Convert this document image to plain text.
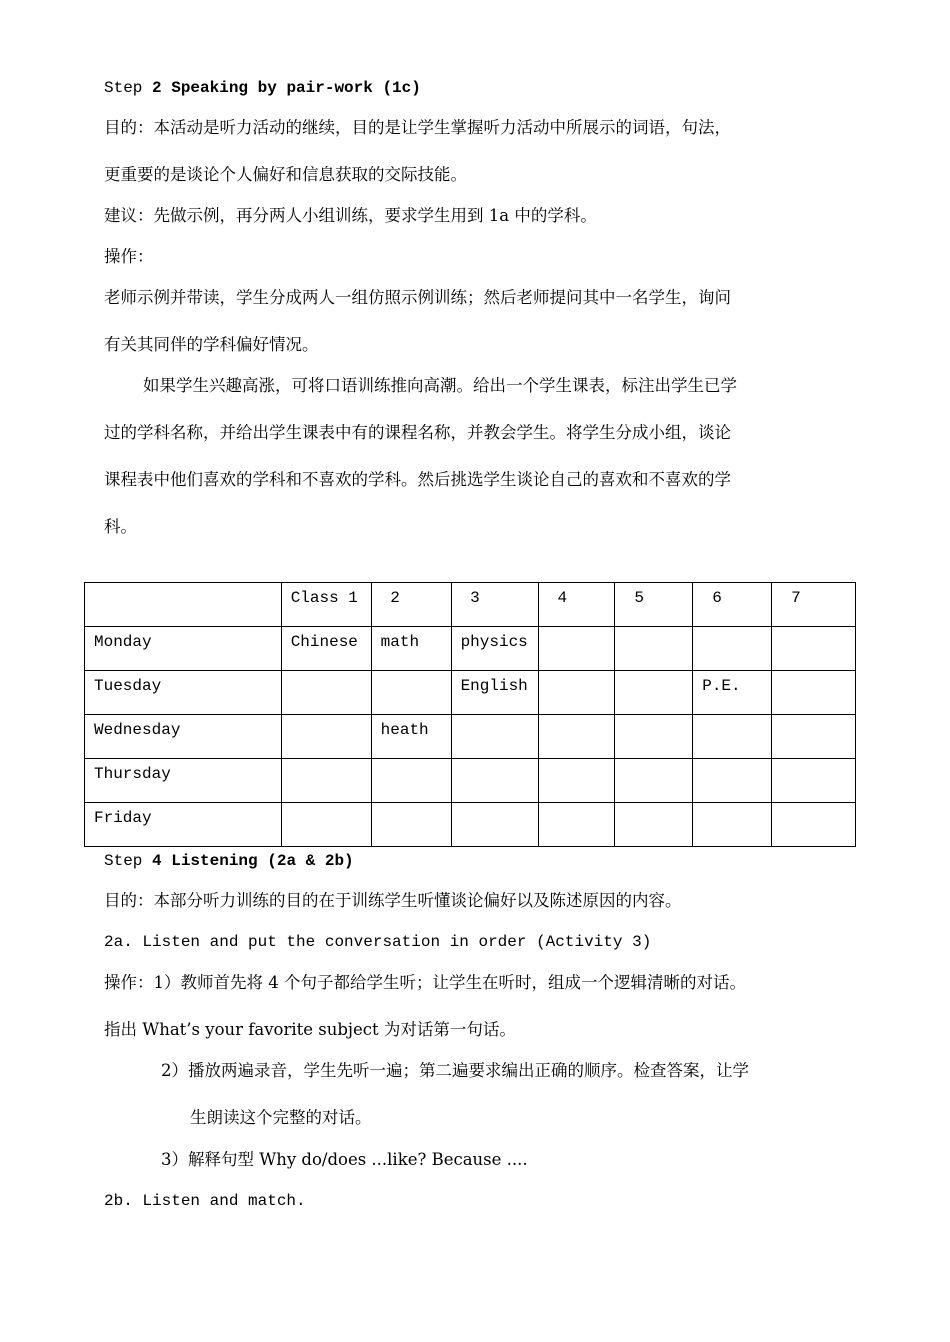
Step 2 Speaking by pair-work (1c)
目的：本活动是听力活动的继续，目的是让学生掌握听力活动中所展示的词语，句法，
更重要的是谈论个人偏好和信息获取的交际技能。
建议：先做示例，再分两人小组训练，要求学生用到 1a 中的学科。
操作：
老师示例并带读，学生分成两人一组仿照示例训练；然后老师提问其中一名学生，询问
有关其同伴的学科偏好情况。
如果学生兴趣高涨，可将口语训练推向高潮。给出一个学生课表，标注出学生已学
过的学科名称，并给出学生课表中有的课程名称，并教会学生。将学生分成小组，谈论
课程表中他们喜欢的学科和不喜欢的学科。然后挑选学生谈论自己的喜欢和不喜欢的学
科。

	Class 1	2	3	4	5	6	7

Monday	Chinese	math	physics				

Tuesday			English			P.E.	

Wednesday		heath					

Thursday							

Friday							

Step 4 Listening (2a & 2b)
目的：本部分听力训练的目的在于训练学生听懂谈论偏好以及陈述原因的内容。
2a. Listen and put the conversation in order (Activity 3)
操作：1）教师首先将 4 个句子都给学生听；让学生在听时，组成一个逻辑清晰的对话。
指出 What’s your favorite subject 为对话第一句话。
2）播放两遍录音，学生先听一遍；第二遍要求编出正确的顺序。检查答案，让学
生朗读这个完整的对话。
3）解释句型 Why do/does ...like? Because ....
2b. Listen and match.
